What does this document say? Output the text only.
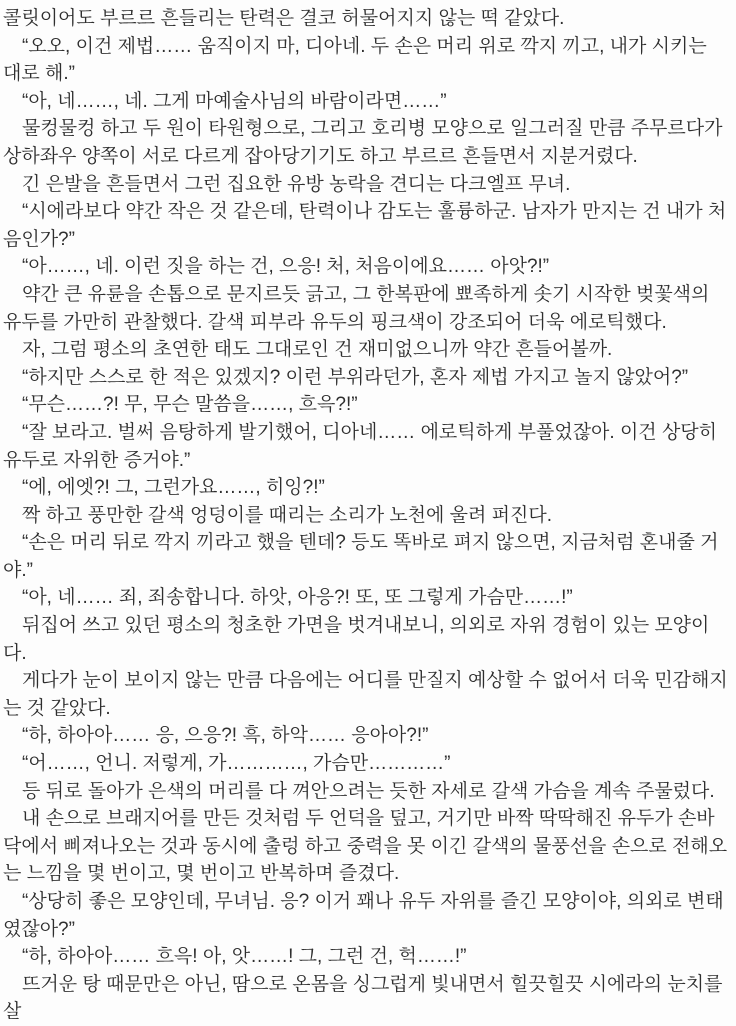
콜릿이어도 부르르 흔들리는 탄력은 결코 허물어지지 않는 떡 같았다.

“오오, 이건 제법…… 움직이지 마, 디아네. 두 손은 머리 위로 깍지 끼고, 내가 시키는 대로 해.”

“아, 네……, 네. 그게 마예술사님의 바람이라면……”

물컹물컹 하고 두 원이 타원형으로, 그리고 호리병 모양으로 일그러질 만큼 주무르다가 상하좌우 양쪽이 서로 다르게 잡아당기기도 하고 부르르 흔들면서 지분거렸다.

긴 은발을 흔들면서 그런 집요한 유방 농락을 견디는 다크엘프 무녀.

“시에라보다 약간 작은 것 같은데, 탄력이나 감도는 훌륭하군. 남자가 만지는 건 내가 처음인가?”

“아……, 네. 이런 짓을 하는 건, 으응! 처, 처음이에요…… 아앗?!”

약간 큰 유륜을 손톱으로 문지르듯 긁고, 그 한복판에 뾰족하게 솟기 시작한 벚꽃색의 유두를 가만히 관찰했다. 갈색 피부라 유두의 핑크색이 강조되어 더욱 에로틱했다.

자, 그럼 평소의 초연한 태도 그대로인 건 재미없으니까 약간 흔들어볼까.

“하지만 스스로 한 적은 있겠지? 이런 부위라던가, 혼자 제법 가지고 놀지 않았어?”

“무슨……?! 무, 무슨 말씀을……, 흐윽?!”

“잘 보라고. 벌써 음탕하게 발기했어, 디아네…… 에로틱하게 부풀었잖아. 이건 상당히 유두로 자위한 증거야.”

“에, 에엣?! 그, 그런가요……, 히잉?!”

짝 하고 풍만한 갈색 엉덩이를 때리는 소리가 노천에 울려 퍼진다.

“손은 머리 뒤로 깍지 끼라고 했을 텐데? 등도 똑바로 펴지 않으면, 지금처럼 혼내줄 거야.”

“아, 네…… 죄, 죄송합니다. 하앗, 아응?! 또, 또 그렇게 가슴만……!”

뒤집어 쓰고 있던 평소의 청초한 가면을 벗겨내보니, 의외로 자위 경험이 있는 모양이다.

게다가 눈이 보이지 않는 만큼 다음에는 어디를 만질지 예상할 수 없어서 더욱 민감해지는 것 같았다.

“하, 하아아…… 응, 으응?! 흑, 하악…… 응아아?!”

“어……, 언니. 저렇게, 가…………, 가슴만…………”

등 뒤로 돌아가 은색의 머리를 다 껴안으려는 듯한 자세로 갈색 가슴을 계속 주물렀다.

내 손으로 브래지어를 만든 것처럼 두 언덕을 덮고, 거기만 바짝 딱딱해진 유두가 손바닥에서 삐져나오는 것과 동시에 출렁 하고 중력을 못 이긴 갈색의 물풍선을 손으로 전해오는 느낌을 몇 번이고, 몇 번이고 반복하며 즐겼다.

“상당히 좋은 모양인데, 무녀님. 응? 이거 꽤나 유두 자위를 즐긴 모양이야, 의외로 변태였잖아?”

“하, 하아아…… 흐윽! 아, 앗……! 그, 그런 건, 헉……!”

뜨거운 탕 때문만은 아닌, 땀으로 온몸을 싱그럽게 빛내면서 힐끗힐끗 시에라의 눈치를 살
